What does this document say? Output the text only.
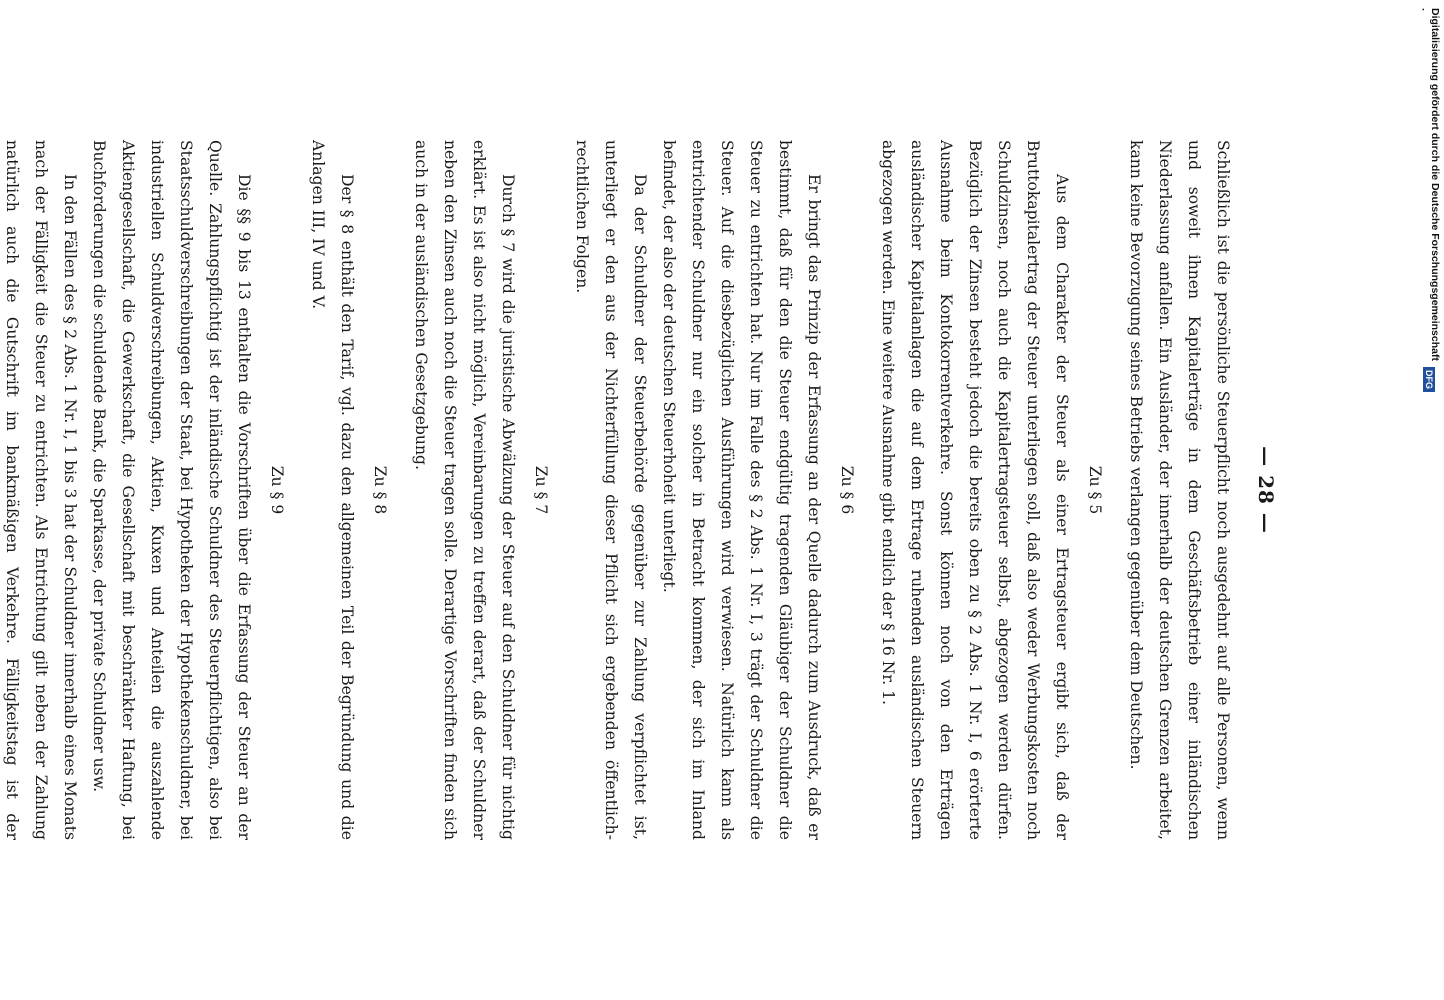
— 28 —

Schließlich ist die persönliche Steuerpflicht noch ausgedehnt auf alle Personen, wenn und soweit ihnen Kapitalerträge in dem Geschäftsbetrieb einer inländischen Niederlassung anfallen. Ein Ausländer, der innerhalb der deutschen Grenzen arbeitet, kann keine Bevorzugung seines Betriebs verlangen gegenüber dem Deutschen.

Zu § 5

Aus dem Charakter der Steuer als einer Ertragsteuer ergibt sich, daß der Bruttokapitalertrag der Steuer unterliegen soll, daß also weder Werbungskosten noch Schuldzinsen, noch auch die Kapitalertragsteuer selbst, abgezogen werden dürfen. Bezüglich der Zinsen besteht jedoch die bereits oben zu § 2 Abs. 1 Nr. I, 6 erörterte Ausnahme beim Kontokorrentverkehre. Sonst können noch von den Erträgen ausländischer Kapitalanlagen die auf dem Ertrage ruhenden ausländischen Steuern abgezogen werden. Eine weitere Ausnahme gibt endlich der § 16 Nr. 1.

Zu § 6

Er bringt das Prinzip der Erfassung an der Quelle dadurch zum Ausdruck, daß er bestimmt, daß für den die Steuer endgültig tragenden Gläubiger der Schuldner die Steuer zu entrichten hat. Nur im Falle des § 2 Abs. 1 Nr. I, 3 trägt der Schuldner die Steuer. Auf die diesbezüglichen Ausführungen wird verwiesen. Natürlich kann als entrichtender Schuldner nur ein solcher in Betracht kommen, der sich im Inland befindet, der also der deutschen Steuerhoheit unterliegt.

Da der Schuldner der Steuerbehörde gegenüber zur Zahlung verpflichtet ist, unterliegt er den aus der Nichterfüllung dieser Pflicht sich ergebenden öffentlich-rechtlichen Folgen.

Zu § 7

Durch § 7 wird die juristische Abwälzung der Steuer auf den Schuldner für nichtig erklärt. Es ist also nicht möglich, Vereinbarungen zu treffen derart, daß der Schuldner neben den Zinsen auch noch die Steuer tragen solle. Derartige Vorschriften finden sich auch in der ausländischen Gesetzgebung.

Zu § 8

Der § 8 enthält den Tarif, vgl. dazu den allgemeinen Teil der Begründung und die Anlagen III, IV und V.

Zu § 9

Die §§ 9 bis 13 enthalten die Vorschriften über die Erfassung der Steuer an der Quelle. Zahlungspflichtig ist der inländische Schuldner des Steuerpflichtigen, also bei Staatsschuldverschreibungen der Staat, bei Hypotheken der Hypothekenschuldner, bei industriellen Schuldverschreibungen, Aktien, Kuxen und Anteilen die auszahlende Aktiengesellschaft, die Gewerkschaft, die Gesellschaft mit beschränkter Haftung, bei Buchforderungen die schuldende Bank, die Sparkasse, der private Schuldner usw.

In den Fällen des § 2 Abs. 1 Nr. I, 1 bis 3 hat der Schuldner innerhalb eines Monats nach der Fälligkeit die Steuer zu entrichten. Als Entrichtung gilt neben der Zahlung natürlich auch die Gutschrift im bankmäßigen Verkehre. Fälligkeitstag ist der

Digitalisierung gefördert durch die Deutsche Forschungsgemeinschaft ·
DFG
